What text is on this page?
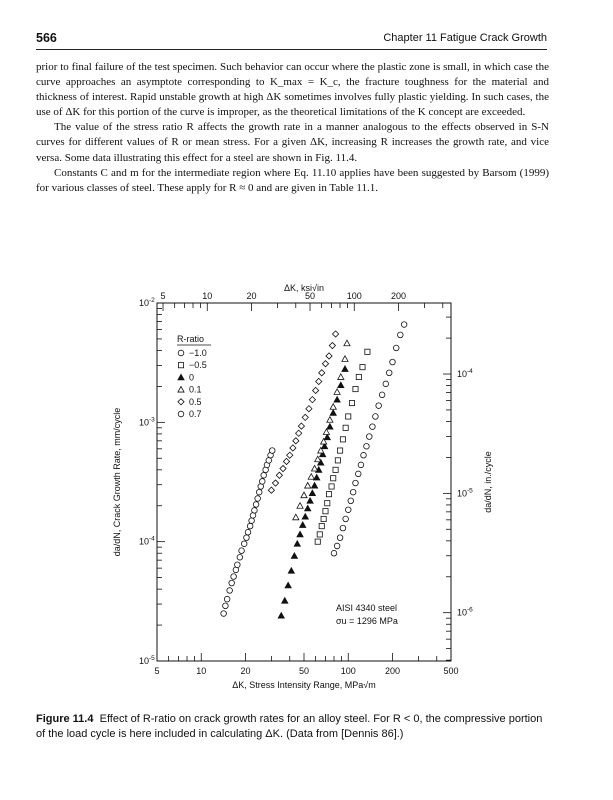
566	Chapter 11 Fatigue Crack Growth

prior to final failure of the test specimen. Such behavior can occur where the plastic zone is small, in which case the curve approaches an asymptote corresponding to K_max = K_c, the fracture toughness for the material and thickness of interest. Rapid unstable growth at high ΔK sometimes involves fully plastic yielding. In such cases, the use of ΔK for this portion of the curve is improper, as the theoretical limitations of the K concept are exceeded.

The value of the stress ratio R affects the growth rate in a manner analogous to the effects observed in S-N curves for different values of R or mean stress. For a given ΔK, increasing R increases the growth rate, and vice versa. Some data illustrating this effect for a steel are shown in Fig. 11.4.

Constants C and m for the intermediate region where Eq. 11.10 applies have been suggested by Barsom (1999) for various classes of steel. These apply for R ≈ 0 and are given in Table 11.1.

5	10	20	50	100	200	500
5	10	20	50	100	200
$10^{-5}$
$10^{-4}$
$10^{-3}$
$10^{-2}$
$10^{-6}$
$10^{-5}$
$10^{-4}$
ΔK, Stress Intensity Range, MPa√m
ΔK, ksi√in
da/dN, Crack Growth Rate, mm/cycle	da/dN, in./cycle
R-ratio
−1.0
−0.5
0
0.1
0.5
0.7
AISI 4340 steel
σu = 1296 MPa
Figure 11.4 Effect of R-ratio on crack growth rates for an alloy steel. For R < 0, the compressive portion of the load cycle is here included in calculating ΔK. (Data from [Dennis 86].)
